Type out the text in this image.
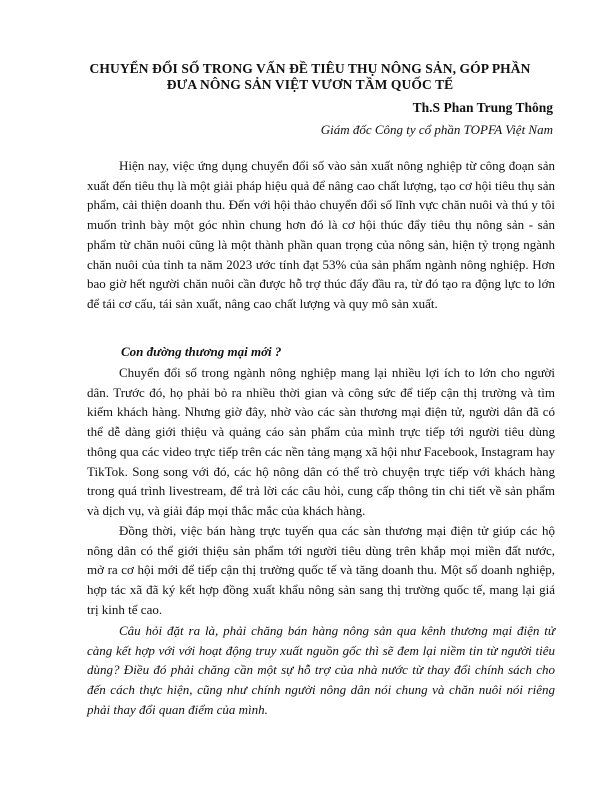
CHUYỂN ĐỔI SỐ TRONG VẤN ĐỀ TIÊU THỤ NÔNG SẢN, GÓP PHẦN
ĐƯA NÔNG SẢN VIỆT VƯƠN TẦM QUỐC TẾ
Th.S Phan Trung Thông
Giám đốc Công ty cổ phần TOPFA Việt Nam

Hiện nay, việc ứng dụng chuyển đổi số vào sản xuất nông nghiệp từ công đoạn sản xuất đến tiêu thụ là một giải pháp hiệu quả để nâng cao chất lượng, tạo cơ hội tiêu thụ sản phẩm, cải thiện doanh thu. Đến với hội thảo chuyển đổi số lĩnh vực chăn nuôi và thú y tôi muốn trình bày một góc nhìn chung hơn đó là cơ hội thúc đẩy tiêu thụ nông sản - sản phẩm từ chăn nuôi cũng là một thành phần quan trọng của nông sản, hiện tỷ trọng ngành chăn nuôi của tỉnh ta năm 2023 ước tính đạt 53% của sản phẩm ngành nông nghiệp. Hơn bao giờ hết người chăn nuôi cần được hỗ trợ thúc đẩy đầu ra, từ đó tạo ra động lực to lớn để tái cơ cấu, tái sản xuất, nâng cao chất lượng và quy mô sản xuất.

Con đường thương mại mới ?

Chuyển đổi số trong ngành nông nghiệp mang lại nhiều lợi ích to lớn cho người dân. Trước đó, họ phải bỏ ra nhiều thời gian và công sức để tiếp cận thị trường và tìm kiếm khách hàng. Nhưng giờ đây, nhờ vào các sàn thương mại điện tử, người dân đã có thể dễ dàng giới thiệu và quảng cáo sản phẩm của mình trực tiếp tới người tiêu dùng thông qua các video trực tiếp trên các nền tảng mạng xã hội như Facebook, Instagram hay TikTok. Song song với đó, các hộ nông dân có thể trò chuyện trực tiếp với khách hàng trong quá trình livestream, để trả lời các câu hỏi, cung cấp thông tin chi tiết về sản phẩm và dịch vụ, và giải đáp mọi thắc mắc của khách hàng.

Đồng thời, việc bán hàng trực tuyến qua các sàn thương mại điện tử giúp các hộ nông dân có thể giới thiệu sản phẩm tới người tiêu dùng trên khắp mọi miền đất nước, mở ra cơ hội mới để tiếp cận thị trường quốc tế và tăng doanh thu. Một số doanh nghiệp, hợp tác xã đã ký kết hợp đồng xuất khẩu nông sản sang thị trường quốc tế, mang lại giá trị kinh tế cao.

Câu hỏi đặt ra là, phải chăng bán hàng nông sản qua kênh thương mại điện tử càng kết hợp với với hoạt động truy xuất nguồn gốc thì sẽ đem lại niềm tin từ người tiêu dùng? Điều đó phải chăng cần một sự hỗ trợ của nhà nước từ thay đổi chính sách cho đến cách thực hiện, cũng như chính người nông dân nói chung và chăn nuôi nói riêng phải thay đổi quan điểm của mình.
